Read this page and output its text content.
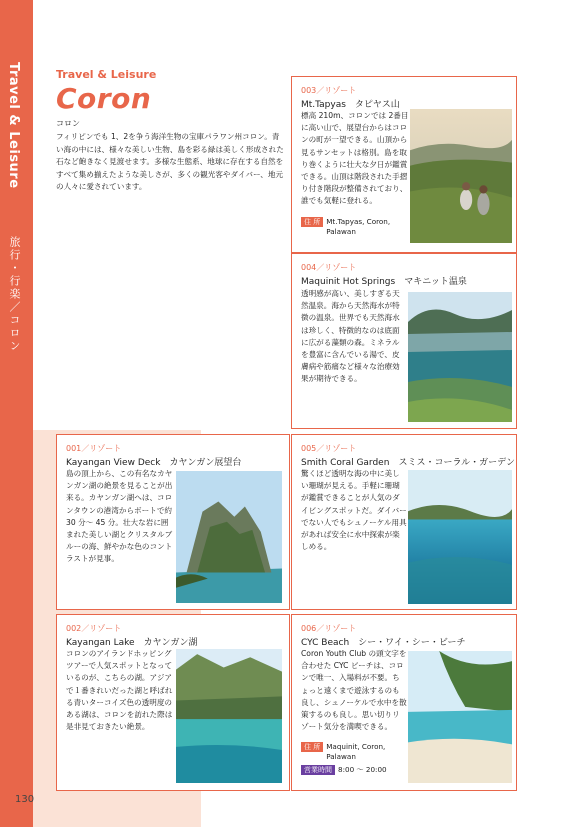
Travel & Leisure
旅行・行楽／コロン
130
Travel & Leisure
Coron
コロン
フィリピンでも 1、2を争う海洋生物の宝庫パラワン州コロン。青い海の中には、様々な美しい生物、島を彩る緑は美しく形成された石など飽きなく見渡せます。多様な生態系、地球に存在する自然をすべて集め揃えたような美しさが、多くの観光客やダイバー、地元の人々に愛されています。
003／リゾート
Mt.Tapyas タピヤス山
標高 210m、コロンでは 2番目に高い山で、展望台からはコロンの町が一望できる。山頂から見るサンセットは格別。島を取り巻くように壮大な夕日が鑑賞できる。山頂は階段された手摺り付き階段が整備されており、誰でも気軽に登れる。
住 所 Mt.Tapyas, Coron, Palawan
004／リゾート
Maquinit Hot Springs マキニット温泉
透明感が高い、美しすぎる天然温泉。海から天然海水が特徴の温泉。世界でも天然海水は珍しく、特徴的なのは底面に広がる藻類の森。ミネラルを豊富に含んでいる湯で、皮膚病や筋痛など様々な治療効果が期待できる。
001／リゾート
Kayangan View Deck カヤンガン展望台
島の頂上から、この有名なカヤンガン湖の絶景を見ることが出来る。カヤンガン湖へは、コロンタウンの港湾からボートで約 30 分～ 45 分。壮大な岩に囲まれた美しい湖とクリスタルブルーの海、鮮やかな色のコントラストが見事。
005／リゾート
Smith Coral Garden スミス・コーラル・ガーデン
驚くほど透明な海の中に美しい珊瑚が見える。手軽に珊瑚が鑑賞できることが人気のダイビングスポットだ。ダイバーでない人でもシュノーケル用具があれば安全に水中探索が楽しめる。
002／リゾート
Kayangan Lake カヤンガン湖
コロンのアイランドホッピングツアーで人気スポットとなっているのが、こちらの湖。アジアで１番きれいだった湖と呼ばれる青いターコイズ色の透明度のある湖は、コロンを訪れた際は是非見ておきたい絶景。
006／リゾート
CYC Beach シー・ワイ・シー・ビーチ
Coron Youth Club の頭文字を合わせた CYC ビーチは、コロンで唯一、入場料が不要。ちょっと遠くまで遊泳するのも良し、シュノーケルで水中を散策するのも良し。思い切りリゾート気分を満喫できる。
住 所 Maquinit, Coron, Palawan
営業時間 8:00 ～ 20:00
